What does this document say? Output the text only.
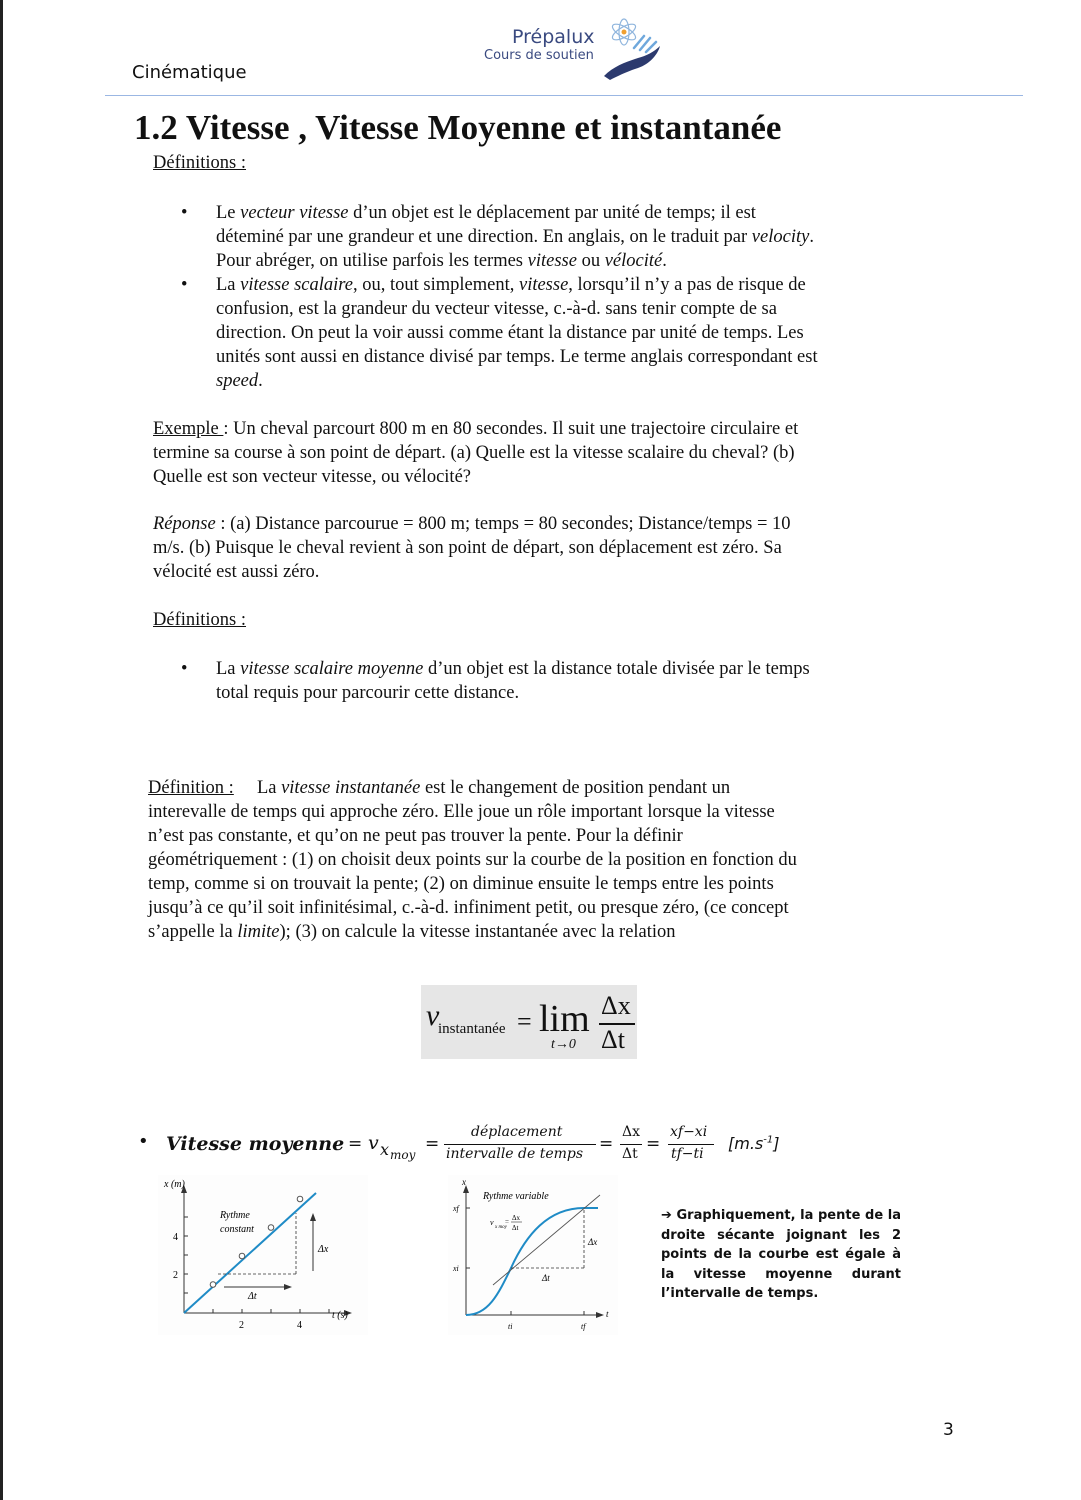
Cinématique
Prépalux
Cours de soutien
1.2 Vitesse , Vitesse Moyenne et instantanée
Définitions :
• Le vecteur vitesse d’un objet est le déplacement par unité de temps; il est
déteminé par une grandeur et une direction. En anglais, on le traduit par velocity.
Pour abréger, on utilise parfois les termes vitesse ou vélocité.
• La vitesse scalaire, ou, tout simplement, vitesse, lorsqu’il n’y a pas de risque de
confusion, est la grandeur du vecteur vitesse, c.-à-d. sans tenir compte de sa
direction. On peut la voir aussi comme étant la distance par unité de temps. Les
unités sont aussi en distance divisé par temps. Le terme anglais correspondant est
speed.
Exemple : Un cheval parcourt 800 m en 80 secondes. Il suit une trajectoire circulaire et
termine sa course à son point de départ. (a) Quelle est la vitesse scalaire du cheval? (b)
Quelle est son vecteur vitesse, ou vélocité?
Réponse : (a) Distance parcourue = 800 m; temps = 80 secondes; Distance/temps = 10
m/s. (b) Puisque le cheval revient à son point de départ, son déplacement est zéro. Sa
vélocité est aussi zéro.
Définitions :
• La vitesse scalaire moyenne d’un objet est la distance totale divisée par le temps
total requis pour parcourir cette distance.
Définition : La vitesse instantanée est le changement de position pendant un
interevalle de temps qui approche zéro. Elle joue un rôle important lorsque la vitesse
n’est pas constante, et qu’on ne peut pas trouver la pente. Pour la définir
géométriquement : (1) on choisit deux points sur la courbe de la position en fonction du
temp, comme si on trouvait la pente; (2) on diminue ensuite le temps entre les points
jusqu’à ce qu’il soit infinitésimal, c.-à-d. infiniment petit, ou presque zéro, (ce concept
s’appelle la limite); (3) on calcule la vitesse instantanée avec la relation
v
instantanée = lim
t→0
Δx
Δt
• Vitesse moyenne = v x moy
=
déplacement
intervalle de temps =
Δx
Δt =
xf−xi
tf−ti
$[m.s^{-1}]$
x (m)
t (s)
2
4
2	4
Δt
Δx
Rythme
constant
x
t
xf
xi
ti	tf
Δt
Δx
Rythme variable
v
x moy
Δx
Δt
=	➔ Graphiquement, la pente de la droite sécante joignant les 2 points de la courbe est égale à la vitesse moyenne durant l’intervalle de temps.
3
